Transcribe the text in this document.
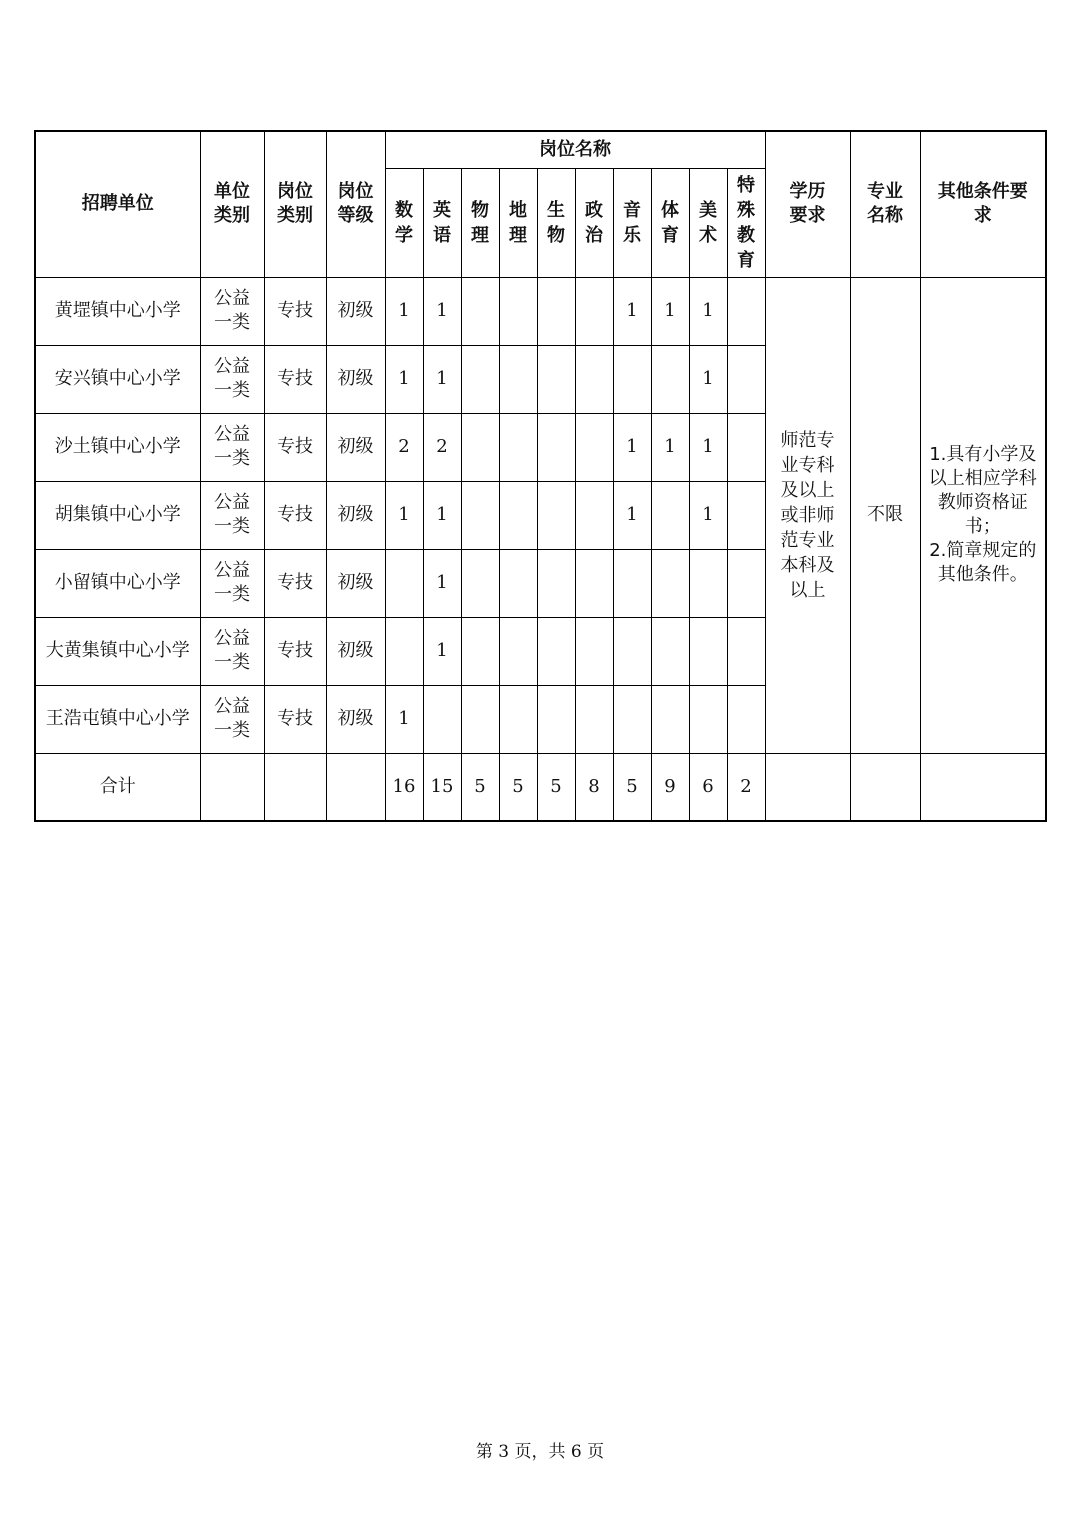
招聘单位	单位类别	岗位类别	岗位等级	岗位名称										学历要求	专业名称	其他条件要求
				数学	英语	物理	地理	生物	政治	音乐	体育	美术	特殊教育			

黄堽镇中心小学	公益一类	专技	初级	1	1					1	1	1		师范专业专科及以上或非师范专业本科及以上	不限	1.具有小学及以上相应学科教师资格证书；
2.简章规定的其他条件。

安兴镇中心小学	公益一类	专技	初级	1	1							1				

沙土镇中心小学	公益一类	专技	初级	2	2					1	1	1				

胡集镇中心小学	公益一类	专技	初级	1	1					1		1				

小留镇中心小学	公益一类	专技	初级		1											

大黄集镇中心小学	公益一类	专技	初级		1											

王浩屯镇中心小学	公益一类	专技	初级	1												
合计				16	15	5	5	5	8	5	9	6	2			
第 3 页，共 6 页
